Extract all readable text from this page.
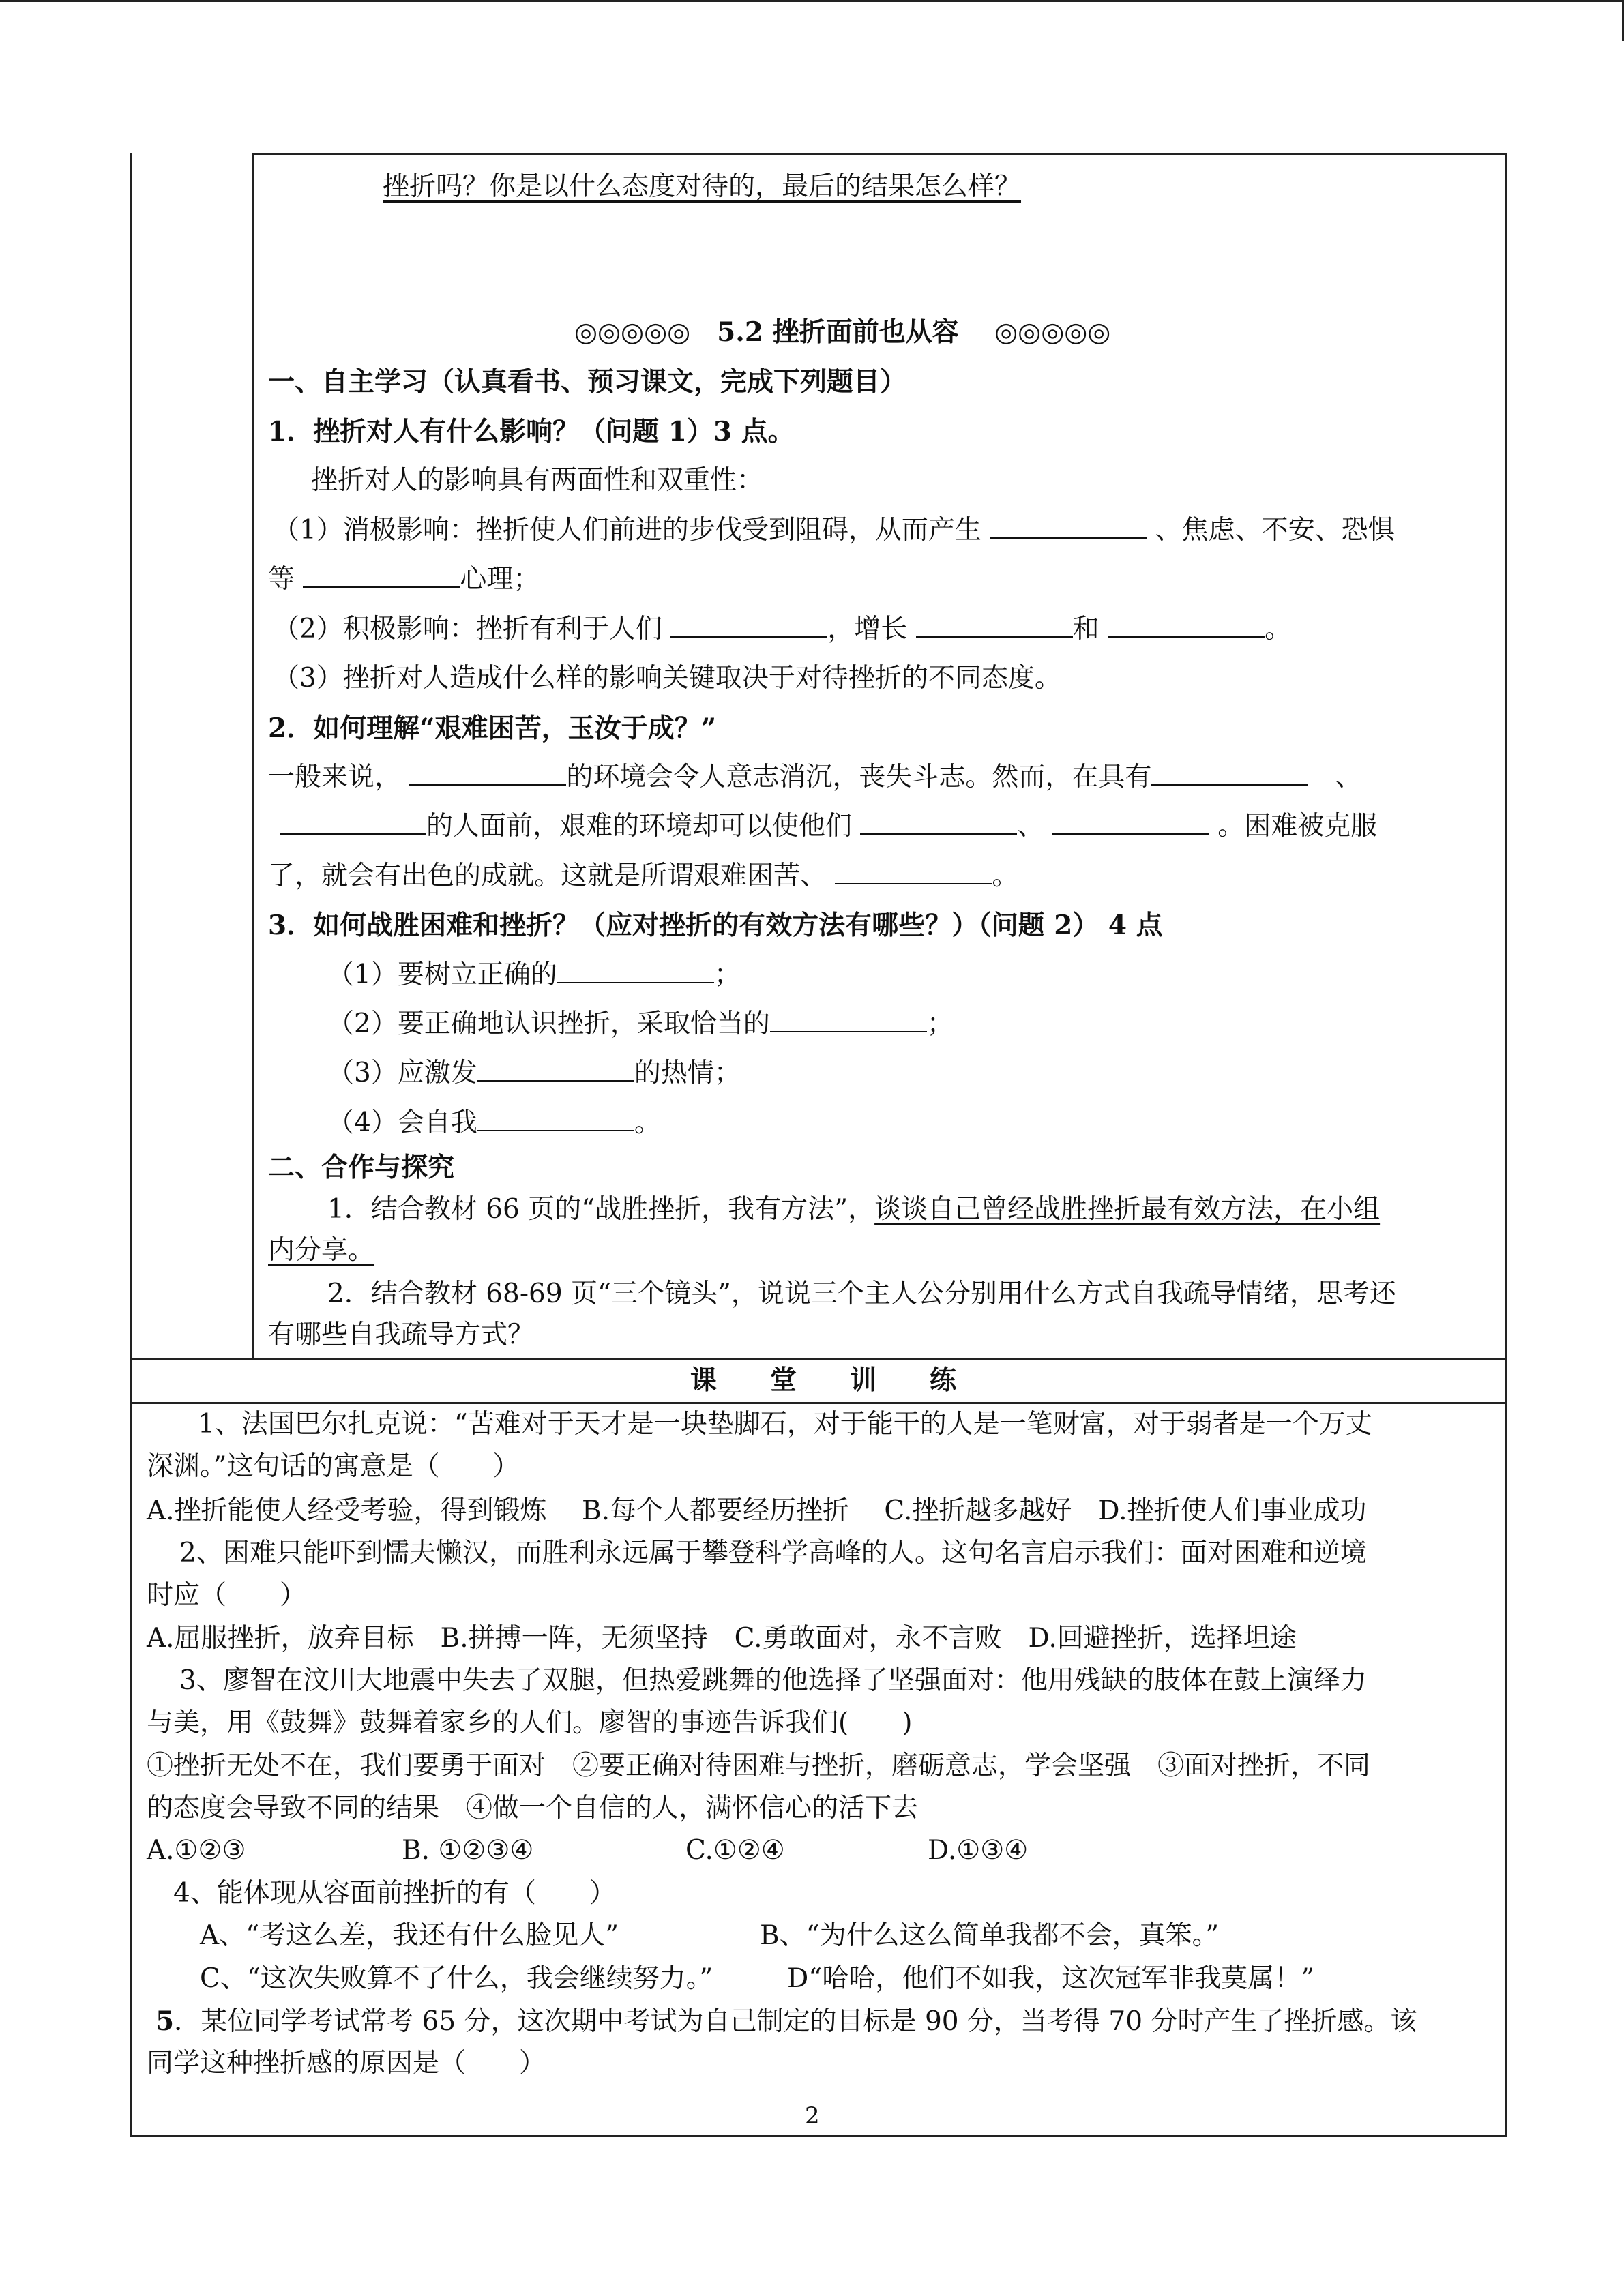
挫折吗？你是以什么态度对待的，最后的结果怎么样？
◎◎◎◎◎　5.2 挫折面前也从容　 ◎◎◎◎◎
一、自主学习（认真看书、预习课文，完成下列题目）
1．挫折对人有什么影响？（问题 1）3 点。
挫折对人的影响具有两面性和双重性：
（1）消极影响：挫折使人们前进的步伐受到阻碍，从而产生	、焦虑、不安、恐惧
等	心理；
（2）积极影响：挫折有利于人们	，增长	和	。
（3）挫折对人造成什么样的影响关键取决于对待挫折的不同态度。
2．如何理解“艰难困苦，玉汝于成？”
一般来说，	的环境会令人意志消沉，丧失斗志。然而，在具有　	、
的人面前，艰难的环境却可以使他们	、	。困难被克服
了，就会有出色的成就。这就是所谓艰难困苦、	。
3．如何战胜困难和挫折？（应对挫折的有效方法有哪些？）（问题 2） 4 点
（1）要树立正确的	；
（2）要正确地认识挫折，采取恰当的	；
（3）应激发	的热情；
（4）会自我	。
二、合作与探究
1．结合教材 66 页的“战胜挫折，我有方法”，谈谈自己曾经战胜挫折最有效方法，在小组
内分享。
2．结合教材 68-69 页“三个镜头”，说说三个主人公分别用什么方式自我疏导情绪，思考还
有哪些自我疏导方式？
课　　堂　　训　　练
1、法国巴尔扎克说：“苦难对于天才是一块垫脚石，对于能干的人是一笔财富，对于弱者是一个万丈
深渊。”这句话的寓意是（　　）
A.挫折能使人经受考验，得到锻炼　 B.每个人都要经历挫折　 C.挫折越多越好　D.挫折使人们事业成功
2、困难只能吓到懦夫懒汉，而胜利永远属于攀登科学高峰的人。这句名言启示我们：面对困难和逆境
时应（　　）
A.屈服挫折，放弃目标　B.拼搏一阵，无须坚持　C.勇敢面对，永不言败　D.回避挫折，选择坦途
3、廖智在汶川大地震中失去了双腿，但热爱跳舞的他选择了坚强面对：他用残缺的肢体在鼓上演绎力
与美，用《鼓舞》鼓舞着家乡的人们。廖智的事迹告诉我们(　　)
①挫折无处不在，我们要勇于面对　②要正确对待困难与挫折，磨砺意志，学会坚强　③面对挫折，不同
的态度会导致不同的结果　④做一个自信的人，满怀信心的活下去
A.①②③	B. ①②③④	C.①②④	D.①③④
4、能体现从容面前挫折的有（　　）
A、“考这么差，我还有什么脸见人”	B、“为什么这么简单我都不会，真笨。”
C、“这次失败算不了什么，我会继续努力。”	D“哈哈，他们不如我，这次冠军非我莫属！”
5．某位同学考试常考 65 分，这次期中考试为自己制定的目标是 90 分，当考得 70 分时产生了挫折感。该
同学这种挫折感的原因是（　　）
2
